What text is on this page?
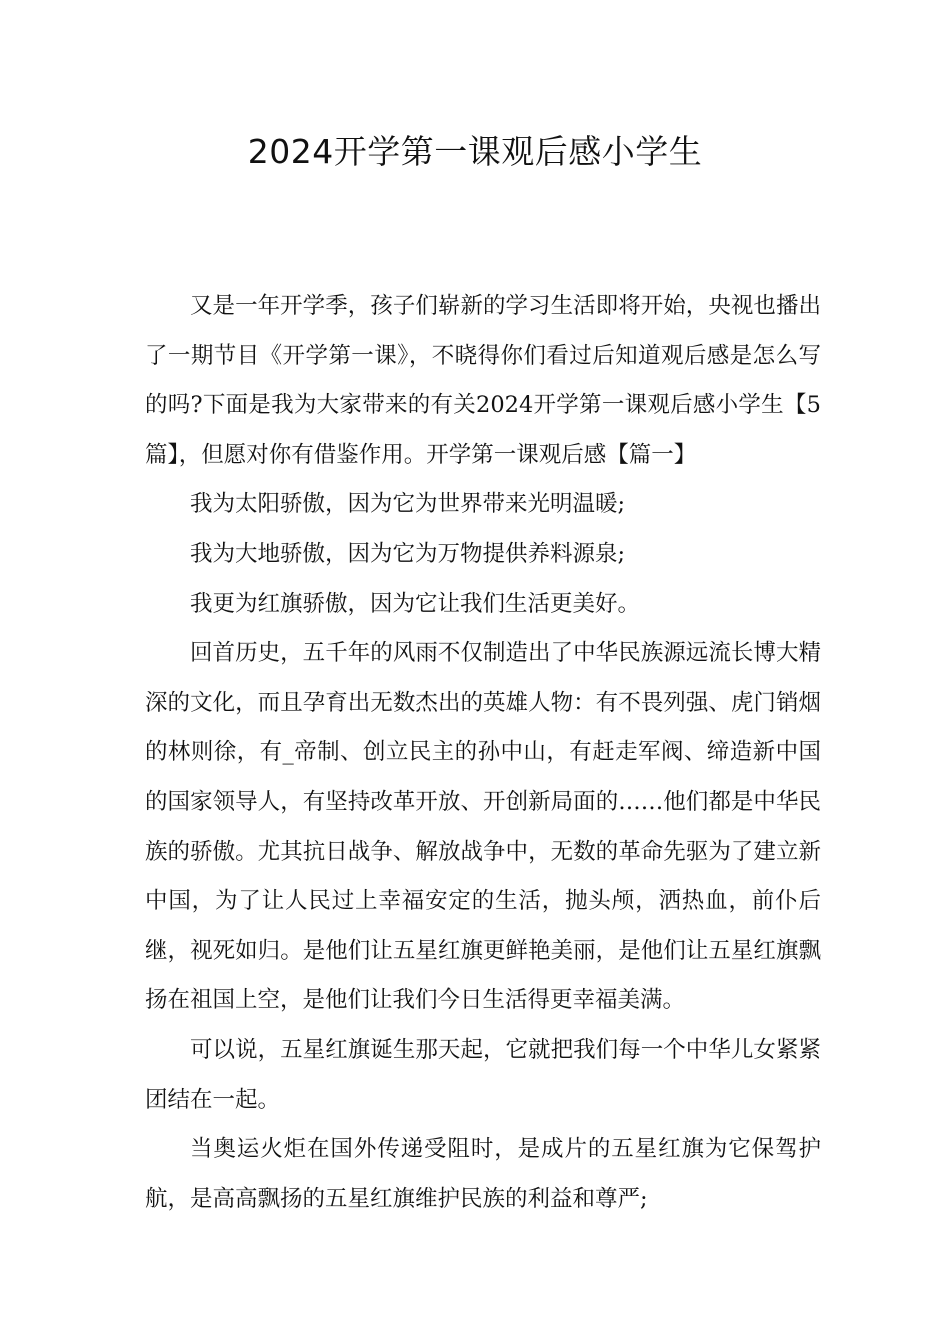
2024开学第一课观后感小学生

又是一年开学季，孩子们崭新的学习生活即将开始，央视也播出了一期节目《开学第一课》，不晓得你们看过后知道观后感是怎么写的吗?下面是我为大家带来的有关2024开学第一课观后感小学生【5篇】，但愿对你有借鉴作用。开学第一课观后感【篇一】

我为太阳骄傲，因为它为世界带来光明温暖;

我为大地骄傲，因为它为万物提供养料源泉;

我更为红旗骄傲，因为它让我们生活更美好。

回首历史，五千年的风雨不仅制造出了中华民族源远流长博大精深的文化，而且孕育出无数杰出的英雄人物：有不畏列强、虎门销烟的林则徐，有_帝制、创立民主的孙中山，有赶走军阀、缔造新中国的国家领导人，有坚持改革开放、开创新局面的……他们都是中华民族的骄傲。尤其抗日战争、解放战争中，无数的革命先驱为了建立新中国，为了让人民过上幸福安定的生活，抛头颅，洒热血，前仆后继，视死如归。是他们让五星红旗更鲜艳美丽，是他们让五星红旗飘扬在祖国上空，是他们让我们今日生活得更幸福美满。

可以说，五星红旗诞生那天起，它就把我们每一个中华儿女紧紧团结在一起。

当奥运火炬在国外传递受阻时，是成片的五星红旗为它保驾护航，是高高飘扬的五星红旗维护民族的利益和尊严;
